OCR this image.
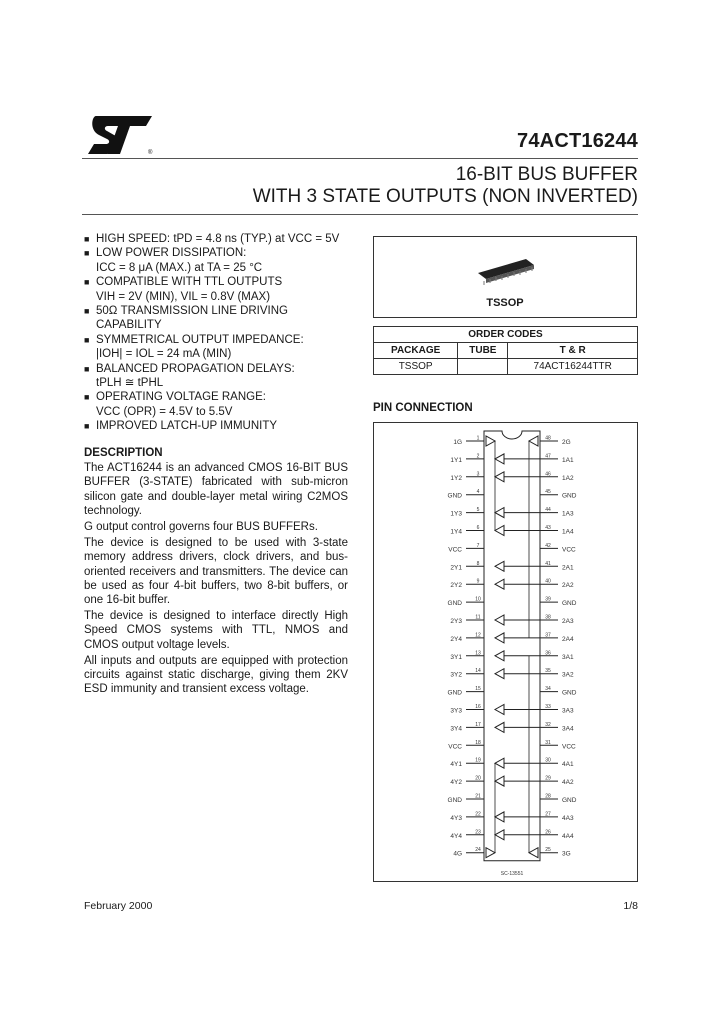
®
74ACT16244
16-BIT BUS BUFFER
WITH 3 STATE OUTPUTS (NON INVERTED)
■ HIGH SPEED: tPD = 4.8 ns (TYP.) at VCC = 5V
■ LOW POWER DISSIPATION:
ICC = 8 μA (MAX.) at TA = 25 °C
■ COMPATIBLE WITH TTL OUTPUTS
VIH = 2V (MIN), VIL = 0.8V (MAX)
■ 50Ω TRANSMISSION LINE DRIVING
CAPABILITY
■ SYMMETRICAL OUTPUT IMPEDANCE:
|IOH| = IOL = 24 mA (MIN)
■ BALANCED PROPAGATION DELAYS:
tPLH ≅ tPHL
■ OPERATING VOLTAGE RANGE:
VCC (OPR) = 4.5V to 5.5V
■ IMPROVED LATCH-UP IMMUNITY
DESCRIPTION

The ACT16244 is an advanced CMOS 16-BIT BUS BUFFER (3-STATE) fabricated with sub-micron silicon gate and double-layer metal wiring C2MOS technology.

G output control governs four BUS BUFFERs.

The device is designed to be used with 3-state memory address drivers, clock drivers, and bus-oriented receivers and transmitters. The device can be used as four 4-bit buffers, two 8-bit buffers, or one 16-bit buffer.

The device is designed to interface directly High Speed CMOS systems with TTL, NMOS and CMOS output voltage levels.

All inputs and outputs are equipped with protection circuits against static discharge, giving them 2KV ESD immunity and transient excess voltage.

TSSOP
ORDER CODES		
PACKAGE	TUBE	T & R
TSSOP		74ACT16244TTR
PIN CONNECTION
1G
1
2G
48
1Y1
2
1A1
47
1Y2
3
1A2
46
GND
4
GND
45
1Y3
5
1A3
44
1Y4
6
1A4
43
VCC
7
VCC
42
2Y1
8
2A1
41
2Y2
9
2A2
40
GND
10
GND
39
2Y3
11
2A3
38
2Y4
12
2A4
37
3Y1
13
3A1
36
3Y2
14
3A2
35
GND
15
GND
34
3Y3
16
3A3
33
3Y4
17
3A4
32
VCC
18
VCC
31
4Y1
19
4A1
30
4Y2
20
4A2
29
GND
21
GND
28
4Y3
22
4A3
27
4Y4
23
4A4
26
4G
24
3G
25
SC-13551
February 2000	1/8
